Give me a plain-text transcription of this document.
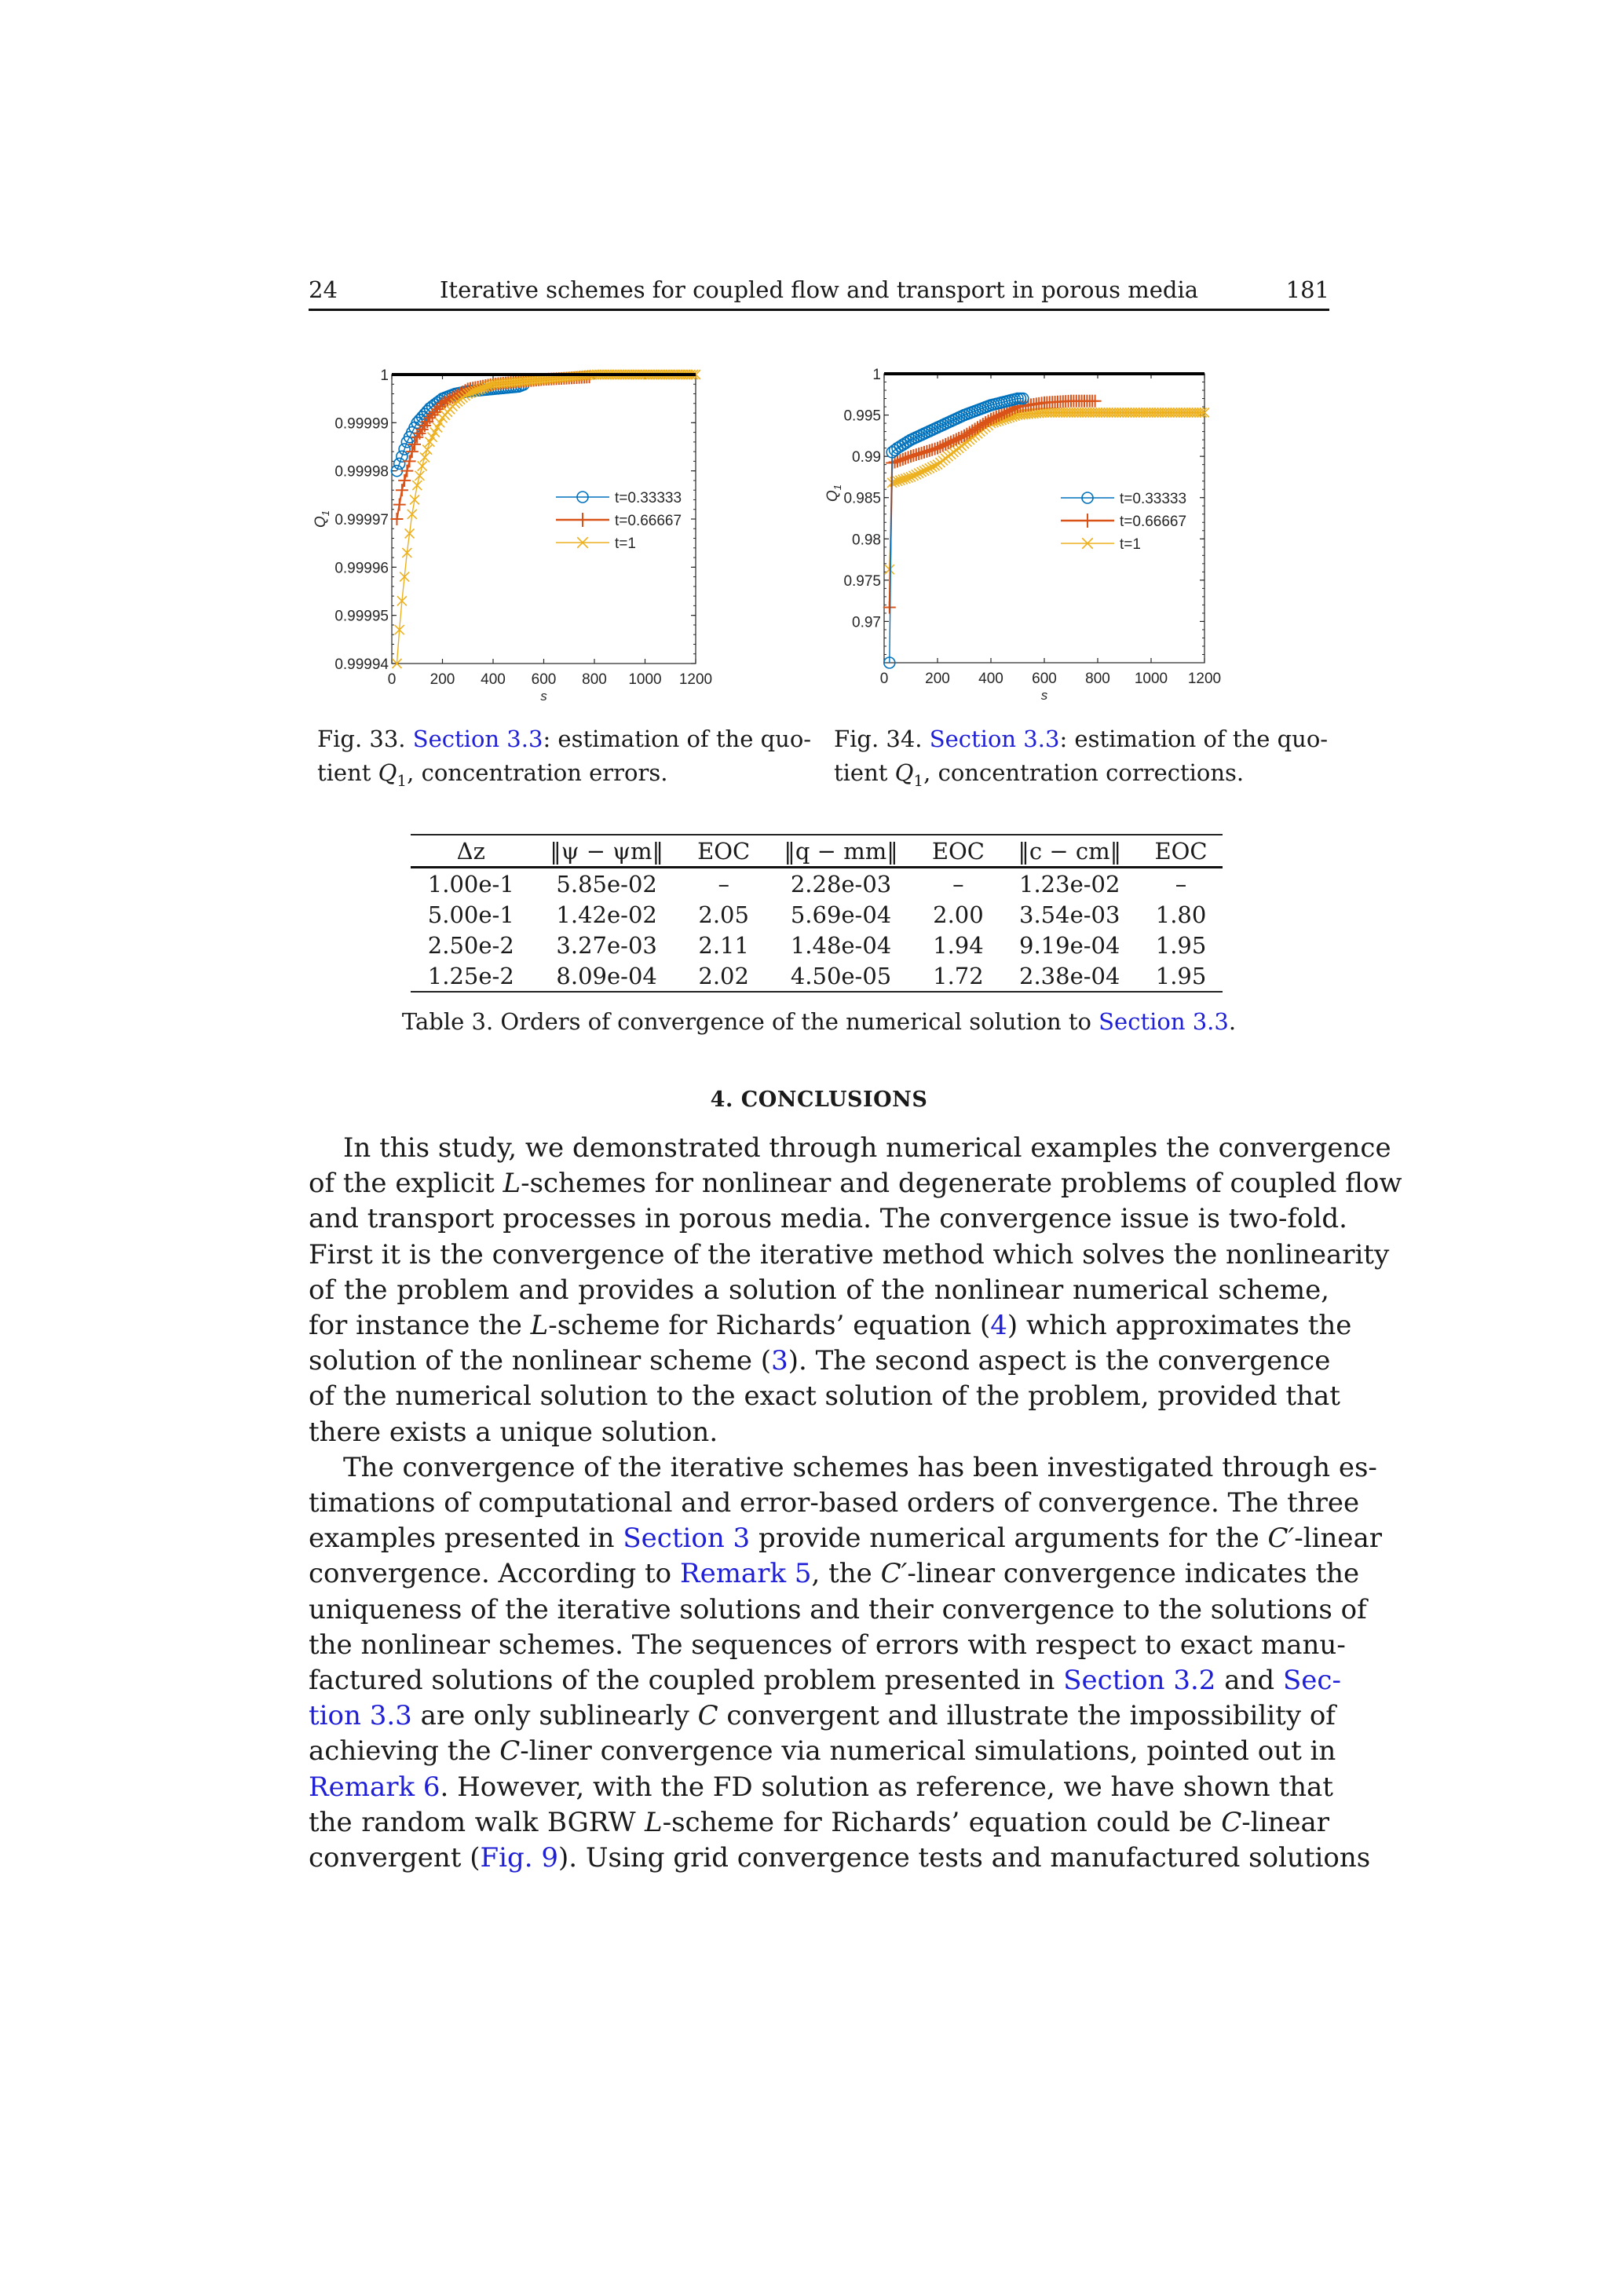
24	Iterative schemes for coupled flow and transport in porous media	181
1
0.99999
0.99998
0.99997
0.99996
0.99995
0.99994
0 200 400 600 800 1000 1200
s
$Q_1$
t=0.33333
t=0.66667
t=1
1
0.995
0.99
0.985
0.98
0.975
0.97
0 200 400 600 800 1000 1200
s
$Q_1$
t=0.33333
t=0.66667
t=1
Fig. 33. Section 3.3: estimation of the quo-
tient $Q_1$, concentration errors.
Fig. 34. Section 3.3: estimation of the quo-
tient $Q_1$, concentration corrections.
Δz	‖ψ − ψm‖	EOC	‖q − mm‖	EOC	‖c − cm‖	EOC
1.00e-1	5.85e-02	–	2.28e-03	–	1.23e-02	–
5.00e-1	1.42e-02	2.05	5.69e-04	2.00	3.54e-03	1.80
2.50e-2	3.27e-03	2.11	1.48e-04	1.94	9.19e-04	1.95
1.25e-2	8.09e-04	2.02	4.50e-05	1.72	2.38e-04	1.95
Table 3. Orders of convergence of the numerical solution to Section 3.3.
4. CONCLUSIONS

In this study, we demonstrated through numerical examples the convergence
of the explicit L-schemes for nonlinear and degenerate problems of coupled flow
and transport processes in porous media. The convergence issue is two-fold.
First it is the convergence of the iterative method which solves the nonlinearity
of the problem and provides a solution of the nonlinear numerical scheme,
for instance the L-scheme for Richards’ equation (4) which approximates the
solution of the nonlinear scheme (3). The second aspect is the convergence
of the numerical solution to the exact solution of the problem, provided that
there exists a unique solution.

The convergence of the iterative schemes has been investigated through es-
timations of computational and error-based orders of convergence. The three
examples presented in Section 3 provide numerical arguments for the C′-linear
convergence. According to Remark 5, the C′-linear convergence indicates the
uniqueness of the iterative solutions and their convergence to the solutions of
the nonlinear schemes. The sequences of errors with respect to exact manu-
factured solutions of the coupled problem presented in Section 3.2 and Sec-
tion 3.3 are only sublinearly C convergent and illustrate the impossibility of
achieving the C-liner convergence via numerical simulations, pointed out in
Remark 6. However, with the FD solution as reference, we have shown that
the random walk BGRW L-scheme for Richards’ equation could be C-linear
convergent (Fig. 9). Using grid convergence tests and manufactured solutions
